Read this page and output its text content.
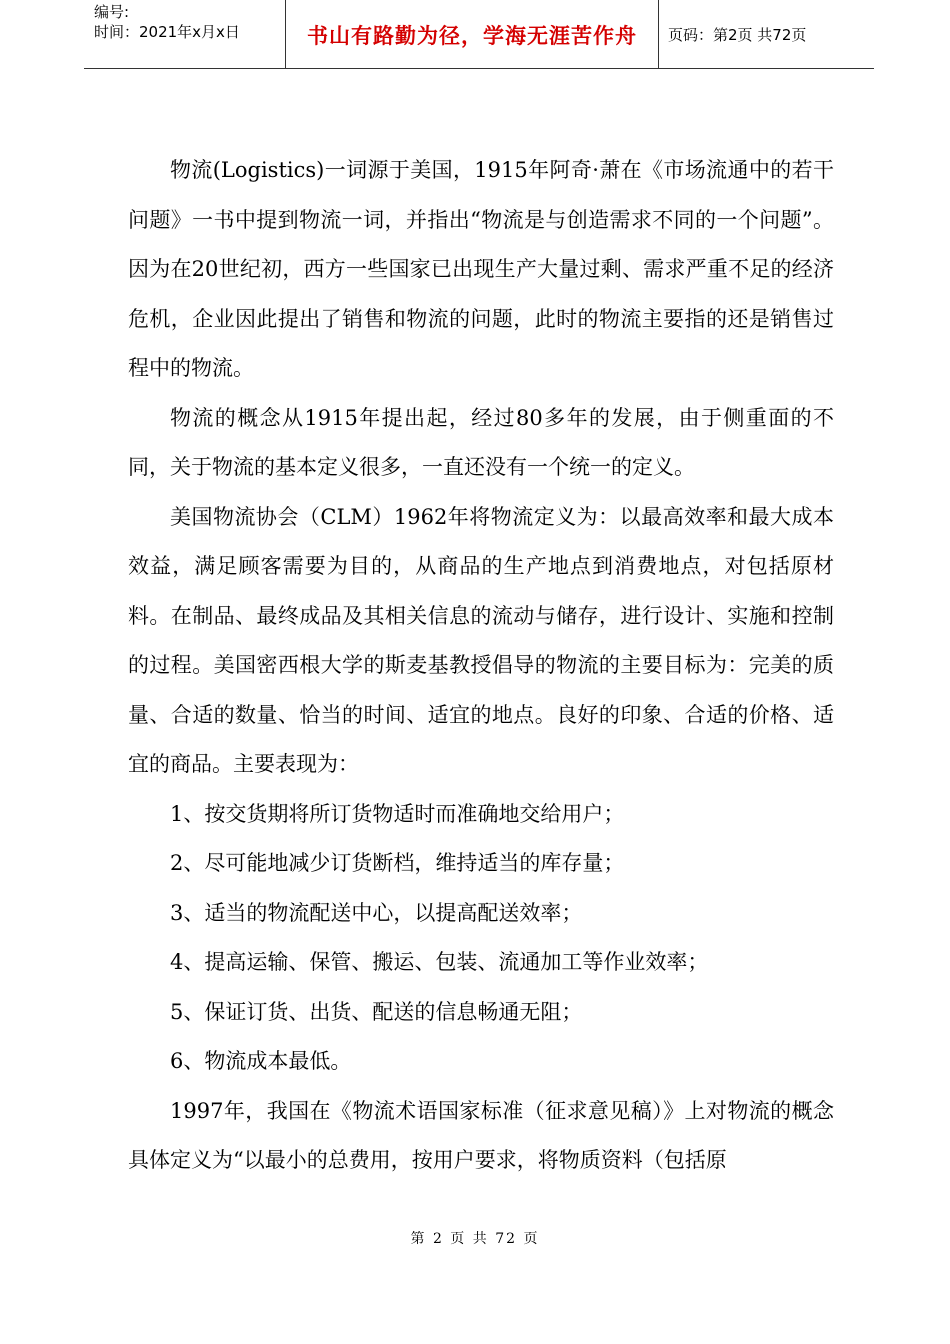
编号:
时间：2021年x月x日	书山有路勤为径，学海无涯苦作舟	页码：第2页 共72页

物流(Logistics)一词源于美国，1915年阿奇·萧在《市场流通中的若干问题》一书中提到物流一词，并指出“物流是与创造需求不同的一个问题”。因为在20世纪初，西方一些国家已出现生产大量过剩、需求严重不足的经济危机，企业因此提出了销售和物流的问题，此时的物流主要指的还是销售过程中的物流。

物流的概念从1915年提出起，经过80多年的发展，由于侧重面的不同，关于物流的基本定义很多，一直还没有一个统一的定义。

美国物流协会（CLM）1962年将物流定义为：以最高效率和最大成本效益，满足顾客需要为目的，从商品的生产地点到消费地点，对包括原材料。在制品、最终成品及其相关信息的流动与储存，进行设计、实施和控制的过程。美国密西根大学的斯麦基教授倡导的物流的主要目标为：完美的质量、合适的数量、恰当的时间、适宜的地点。良好的印象、合适的价格、适宜的商品。主要表现为：

1、按交货期将所订货物适时而准确地交给用户；

2、尽可能地减少订货断档，维持适当的库存量；

3、适当的物流配送中心，以提高配送效率；

4、提高运输、保管、搬运、包装、流通加工等作业效率；

5、保证订货、出货、配送的信息畅通无阻；

6、物流成本最低。

1997年，我国在《物流术语国家标准（征求意见稿）》上对物流的概念具体定义为“以最小的总费用，按用户要求，将物质资料（包括原

第 2 页 共 72 页
